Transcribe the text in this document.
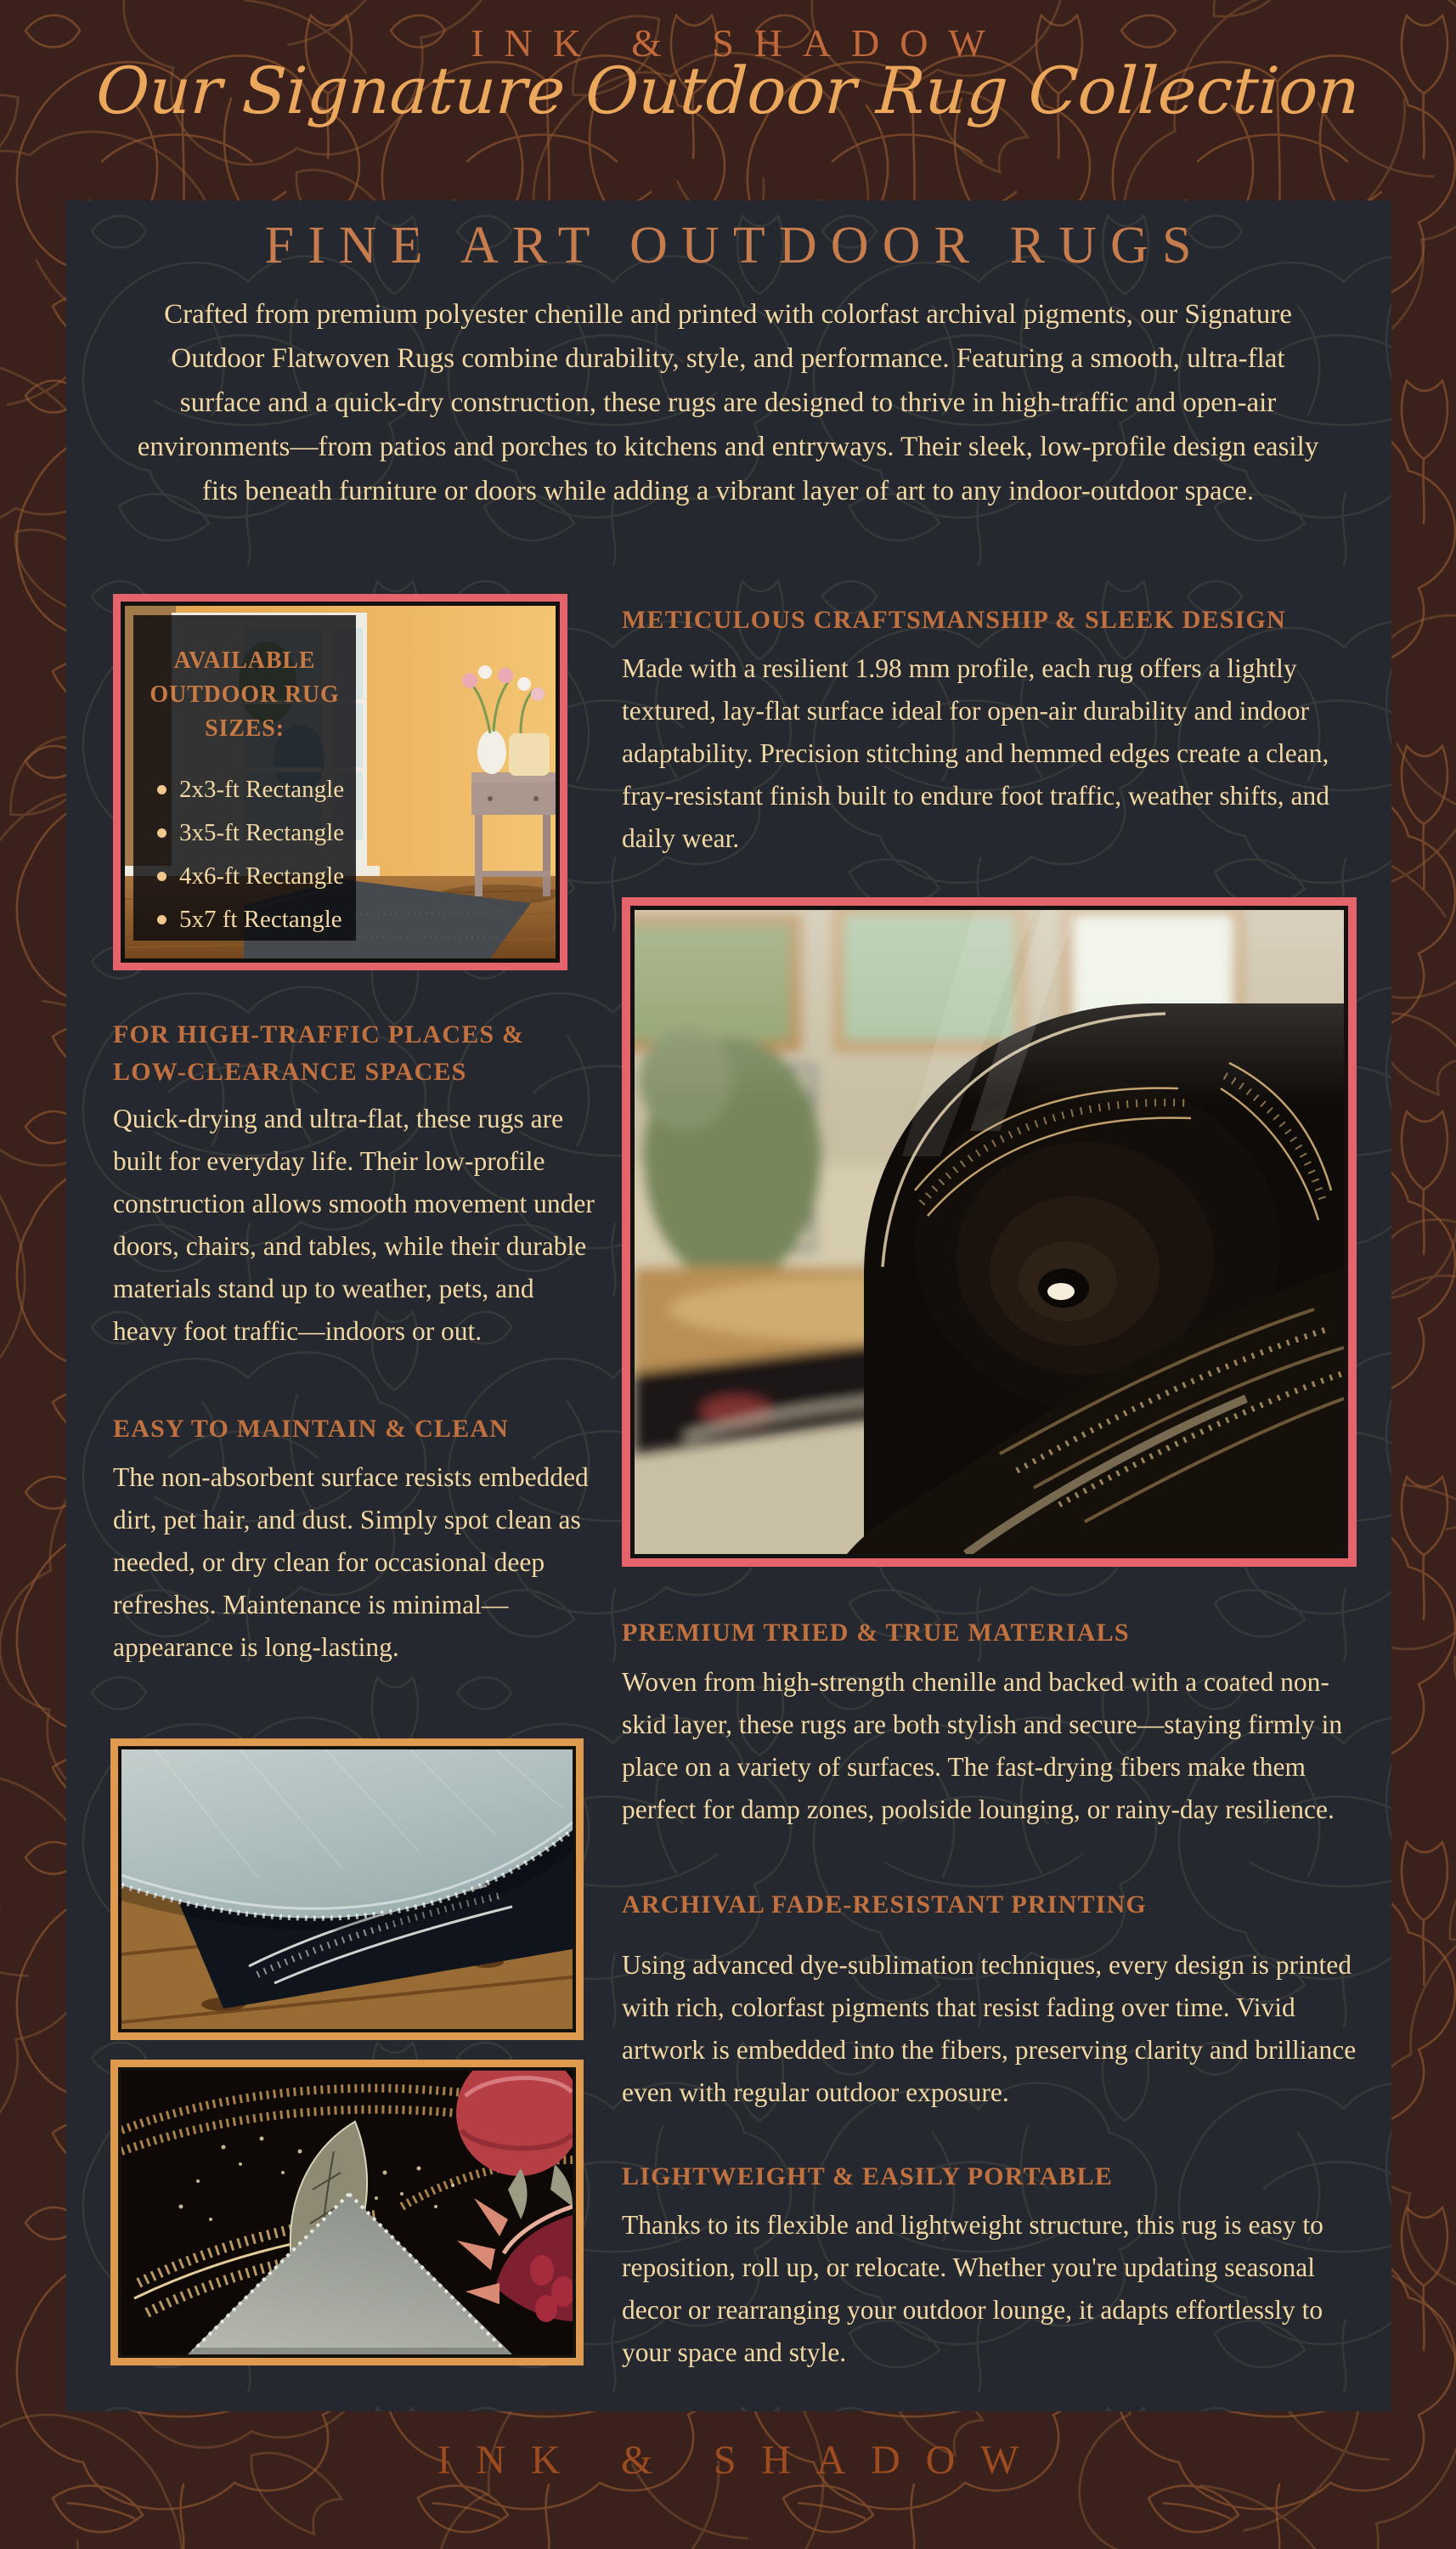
INK & SHADOW
Our Signature Outdoor Rug Collection
FINE ART OUTDOOR RUGS
Crafted from premium polyester chenille and printed with colorfast archival pigments, our Signature Outdoor Flatwoven Rugs combine durability, style, and performance. Featuring a smooth, ultra-flat surface and a quick-dry construction, these rugs are designed to thrive in high-traffic and open-air environments—from patios and porches to kitchens and entryways. Their sleek, low-profile design easily fits beneath furniture or doors while adding a vibrant layer of art to any indoor-outdoor space.
AVAILABLE OUTDOOR RUG SIZES:
2x3-ft Rectangle
3x5-ft Rectangle
4x6-ft Rectangle
5x7 ft Rectangle
METICULOUS CRAFTSMANSHIP & SLEEK DESIGN
Made with a resilient 1.98 mm profile, each rug offers a lightly textured, lay-flat surface ideal for open-air durability and indoor adaptability. Precision stitching and hemmed edges create a clean, fray-resistant finish built to endure foot traffic, weather shifts, and daily wear.
FOR HIGH-TRAFFIC PLACES & LOW-CLEARANCE SPACES
Quick-drying and ultra-flat, these rugs are built for everyday life. Their low-profile construction allows smooth movement under doors, chairs, and tables, while their durable materials stand up to weather, pets, and heavy foot traffic—indoors or out.
EASY TO MAINTAIN & CLEAN
The non-absorbent surface resists embedded dirt, pet hair, and dust. Simply spot clean as needed, or dry clean for occasional deep refreshes. Maintenance is minimal—appearance is long-lasting.	PREMIUM TRIED & TRUE MATERIALS
Woven from high-strength chenille and backed with a coated non-skid layer, these rugs are both stylish and secure—staying firmly in place on a variety of surfaces. The fast-drying fibers make them perfect for damp zones, poolside lounging, or rainy-day resilience.
ARCHIVAL FADE-RESISTANT PRINTING
Using advanced dye-sublimation techniques, every design is printed with rich, colorfast pigments that resist fading over time. Vivid artwork is embedded into the fibers, preserving clarity and brilliance even with regular outdoor exposure.
LIGHTWEIGHT & EASILY PORTABLE
Thanks to its flexible and lightweight structure, this rug is easy to reposition, roll up, or relocate. Whether you're updating seasonal decor or rearranging your outdoor lounge, it adapts effortlessly to your space and style.
INK & SHADOW
